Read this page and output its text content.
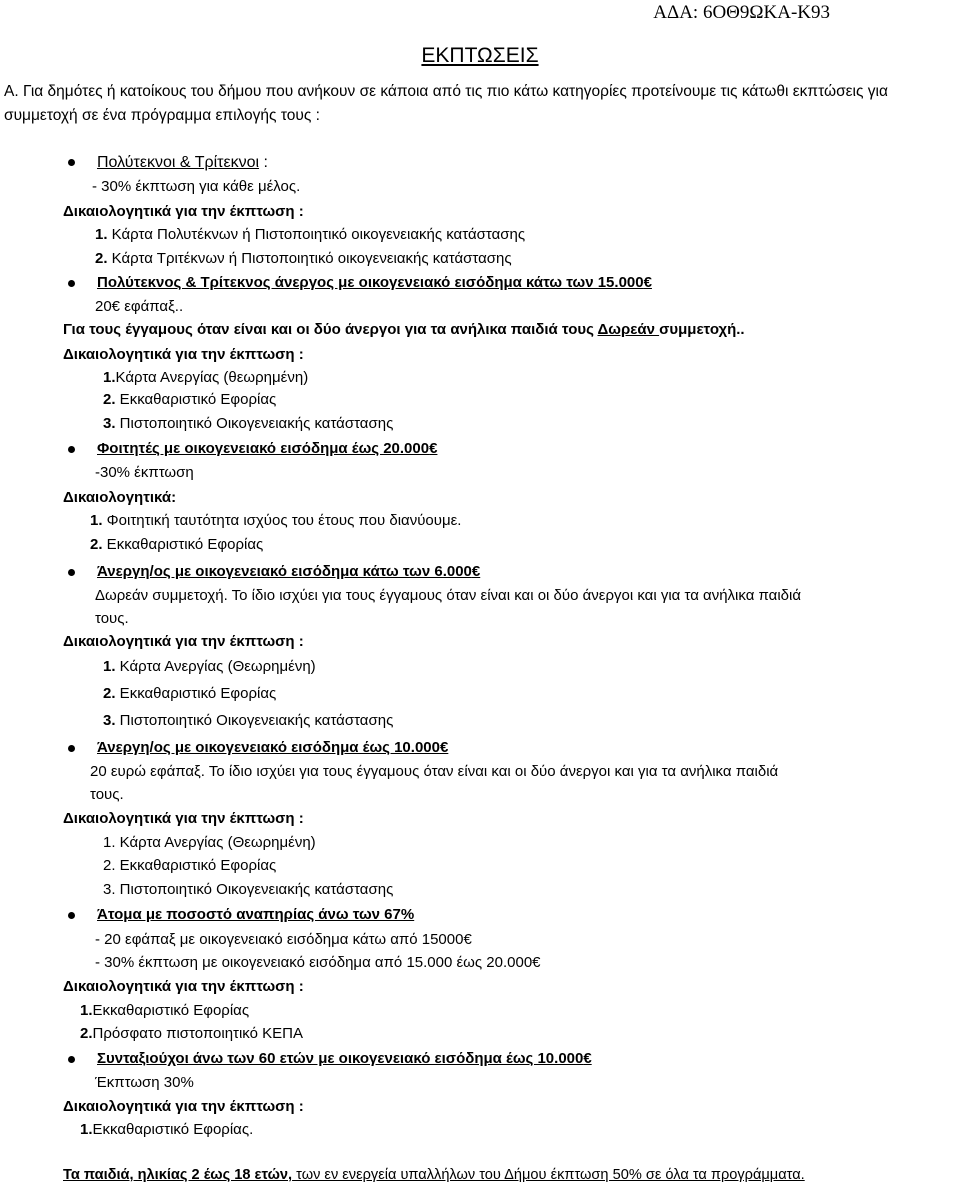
ΑΔΑ: 6ΟΘ9ΩΚΑ-Κ93
ΕΚΠΤΩΣΕΙΣ
Α. Για δημότες ή κατοίκους του δήμου που ανήκουν σε κάποια από τις πιο κάτω κατηγορίες προτείνουμε τις κάτωθι εκπτώσεις για συμμετοχή σε ένα πρόγραμμα επιλογής τους :
Πολύτεκνοι & Τρίτεκνοι :
- 30% έκπτωση για κάθε μέλος.
Δικαιολογητικά για την έκπτωση :
1. Κάρτα Πολυτέκνων ή Πιστοποιητικό οικογενειακής κατάστασης
2. Κάρτα Τριτέκνων ή Πιστοποιητικό οικογενειακής κατάστασης
Πολύτεκνος & Τρίτεκνος άνεργος με οικογενειακό εισόδημα κάτω των 15.000€
20€ εφάπαξ..
Για τους έγγαμους όταν είναι και οι δύο άνεργοι για τα ανήλικα παιδιά τους Δωρεάν συμμετοχή..
Δικαιολογητικά για την έκπτωση :
1.Κάρτα Ανεργίας (θεωρημένη)
2. Εκκαθαριστικό Εφορίας
3. Πιστοποιητικό Οικογενειακής κατάστασης
Φοιτητές με οικογενειακό εισόδημα έως 20.000€
-30% έκπτωση
Δικαιολογητικά:
1. Φοιτητική ταυτότητα ισχύος του έτους που διανύουμε.
2. Εκκαθαριστικό Εφορίας
Άνεργη/ος με οικογενειακό εισόδημα κάτω των 6.000€
Δωρεάν συμμετοχή. Το ίδιο ισχύει για τους έγγαμους όταν είναι και οι δύο άνεργοι και για τα ανήλικα παιδιά
τους.
Δικαιολογητικά για την έκπτωση :
1. Κάρτα Ανεργίας (Θεωρημένη)
2. Εκκαθαριστικό Εφορίας
3. Πιστοποιητικό Οικογενειακής κατάστασης
Άνεργη/ος με οικογενειακό εισόδημα έως 10.000€
20 ευρώ εφάπαξ. Το ίδιο ισχύει για τους έγγαμους όταν είναι και οι δύο άνεργοι και για τα ανήλικα παιδιά
τους.
Δικαιολογητικά για την έκπτωση :
1. Κάρτα Ανεργίας (Θεωρημένη)
2. Εκκαθαριστικό Εφορίας
3. Πιστοποιητικό Οικογενειακής κατάστασης
Άτομα με ποσοστό αναπηρίας άνω των 67%
- 20 εφάπαξ με οικογενειακό εισόδημα κάτω από 15000€
- 30% έκπτωση με οικογενειακό εισόδημα από 15.000 έως 20.000€
Δικαιολογητικά για την έκπτωση :
1.Εκκαθαριστικό Εφορίας
2.Πρόσφατο πιστοποιητικό ΚΕΠΑ
Συνταξιούχοι άνω των 60 ετών με οικογενειακό εισόδημα έως 10.000€
Έκπτωση 30%
Δικαιολογητικά για την έκπτωση :
1.Εκκαθαριστικό Εφορίας.
Τα παιδιά, ηλικίας 2 έως 18 ετών, των εν ενεργεία υπαλλήλων του Δήμου έκπτωση 50% σε όλα τα προγράμματα.
